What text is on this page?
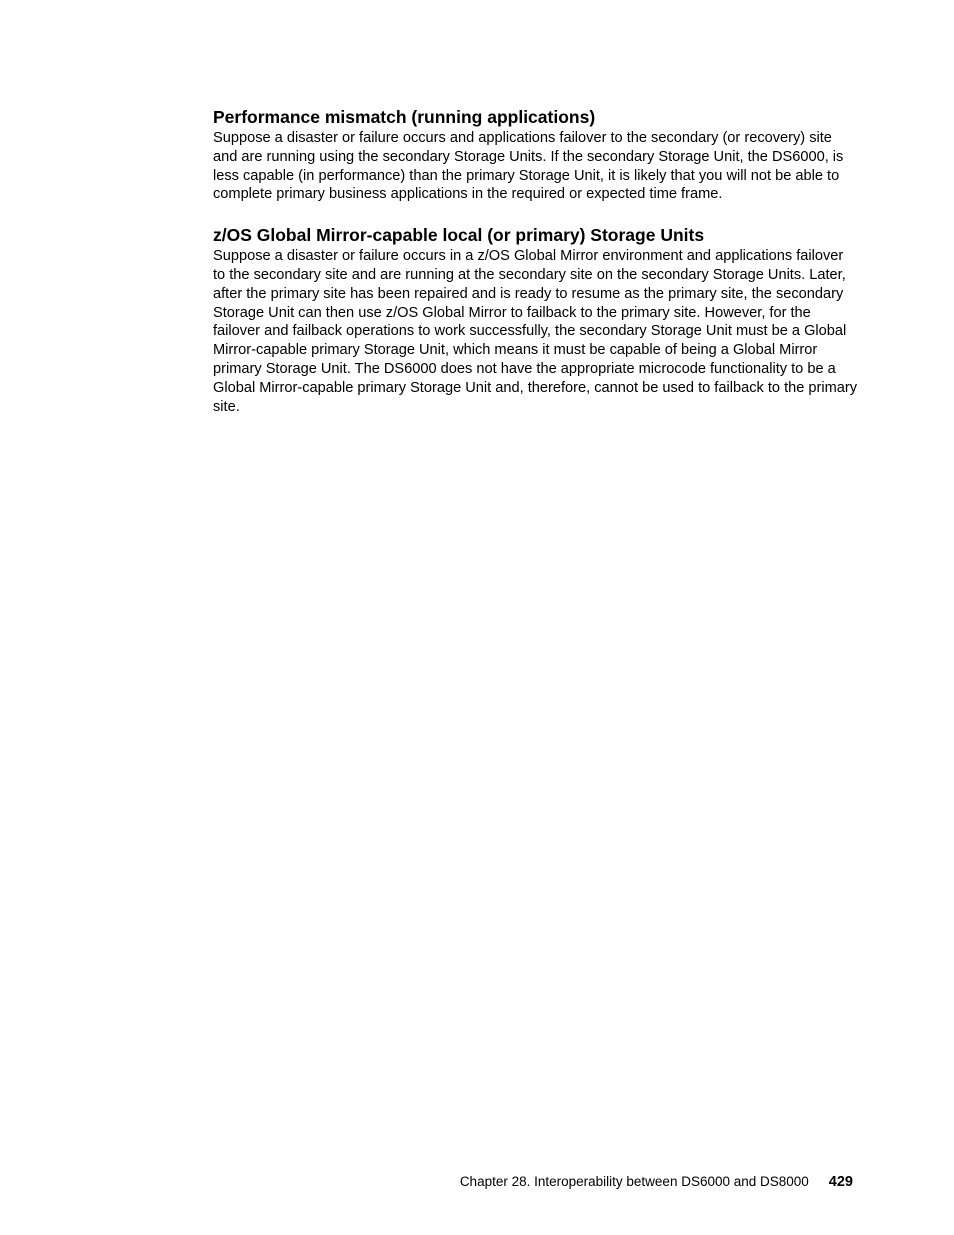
Performance mismatch (running applications)

Suppose a disaster or failure occurs and applications failover to the secondary (or recovery) site and are running using the secondary Storage Units. If the secondary Storage Unit, the DS6000, is less capable (in performance) than the primary Storage Unit, it is likely that you will not be able to complete primary business applications in the required or expected time frame.

z/OS Global Mirror-capable local (or primary) Storage Units

Suppose a disaster or failure occurs in a z/OS Global Mirror environment and applications failover to the secondary site and are running at the secondary site on the secondary Storage Units. Later, after the primary site has been repaired and is ready to resume as the primary site, the secondary Storage Unit can then use z/OS Global Mirror to failback to the primary site. However, for the failover and failback operations to work successfully, the secondary Storage Unit must be a Global Mirror-capable primary Storage Unit, which means it must be capable of being a Global Mirror primary Storage Unit. The DS6000 does not have the appropriate microcode functionality to be a Global Mirror-capable primary Storage Unit and, therefore, cannot be used to failback to the primary site.

Chapter 28. Interoperability between DS6000 and DS8000 429
